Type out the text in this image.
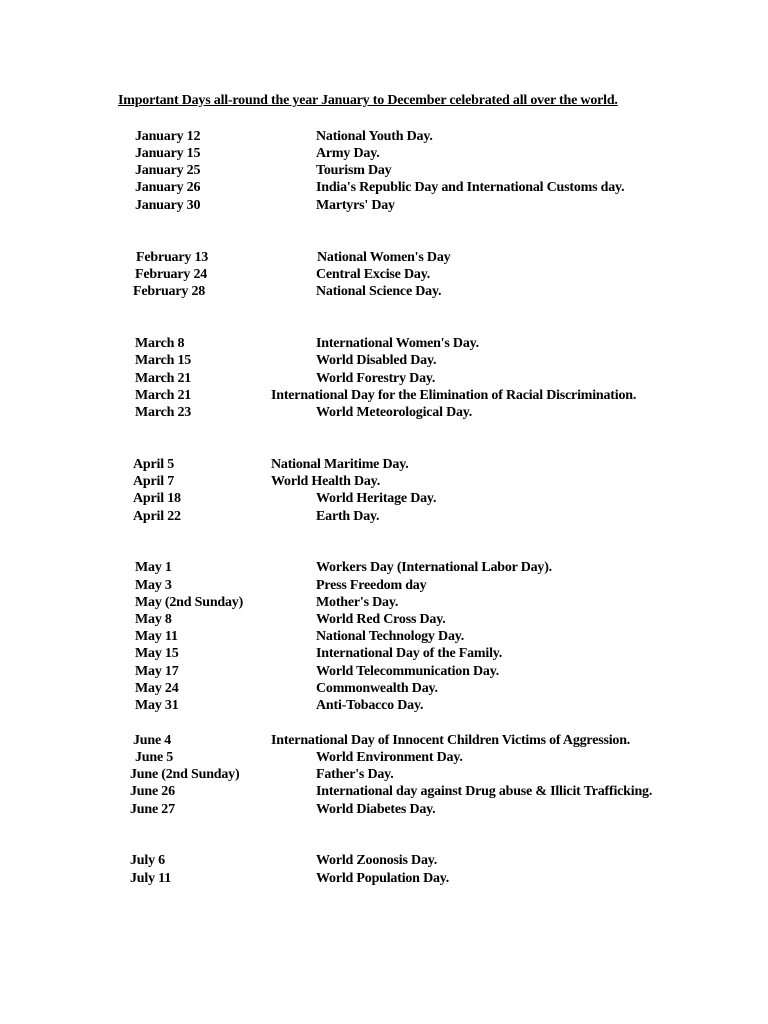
Important Days all-round the year January to December celebrated all over the world.
January 12	National Youth Day.
January 15	Army Day.
January 25	Tourism Day
January 26	India's Republic Day and International Customs day.
January 30	Martyrs' Day
February 13	National Women's Day
February 24	Central Excise Day.
February 28	National Science Day.
March 8	International Women's Day.
March 15	World Disabled Day.
March 21	World Forestry Day.
March 21	International Day for the Elimination of Racial Discrimination.
March 23	World Meteorological Day.
April 5	National Maritime Day.
April 7	World Health Day.
April 18	World Heritage Day.
April 22	Earth Day.
May 1	Workers Day (International Labor Day).
May 3	Press Freedom day
May (2nd Sunday)	Mother's Day.
May 8	World Red Cross Day.
May 11	National Technology Day.
May 15	International Day of the Family.
May 17	World Telecommunication Day.
May 24	Commonwealth Day.
May 31	Anti-Tobacco Day.
June 4	International Day of Innocent Children Victims of Aggression.
June 5	World Environment Day.
June (2nd Sunday)	Father's Day.
June 26	International day against Drug abuse & Illicit Trafficking.
June 27	World Diabetes Day.
July 6	World Zoonosis Day.
July 11	World Population Day.
